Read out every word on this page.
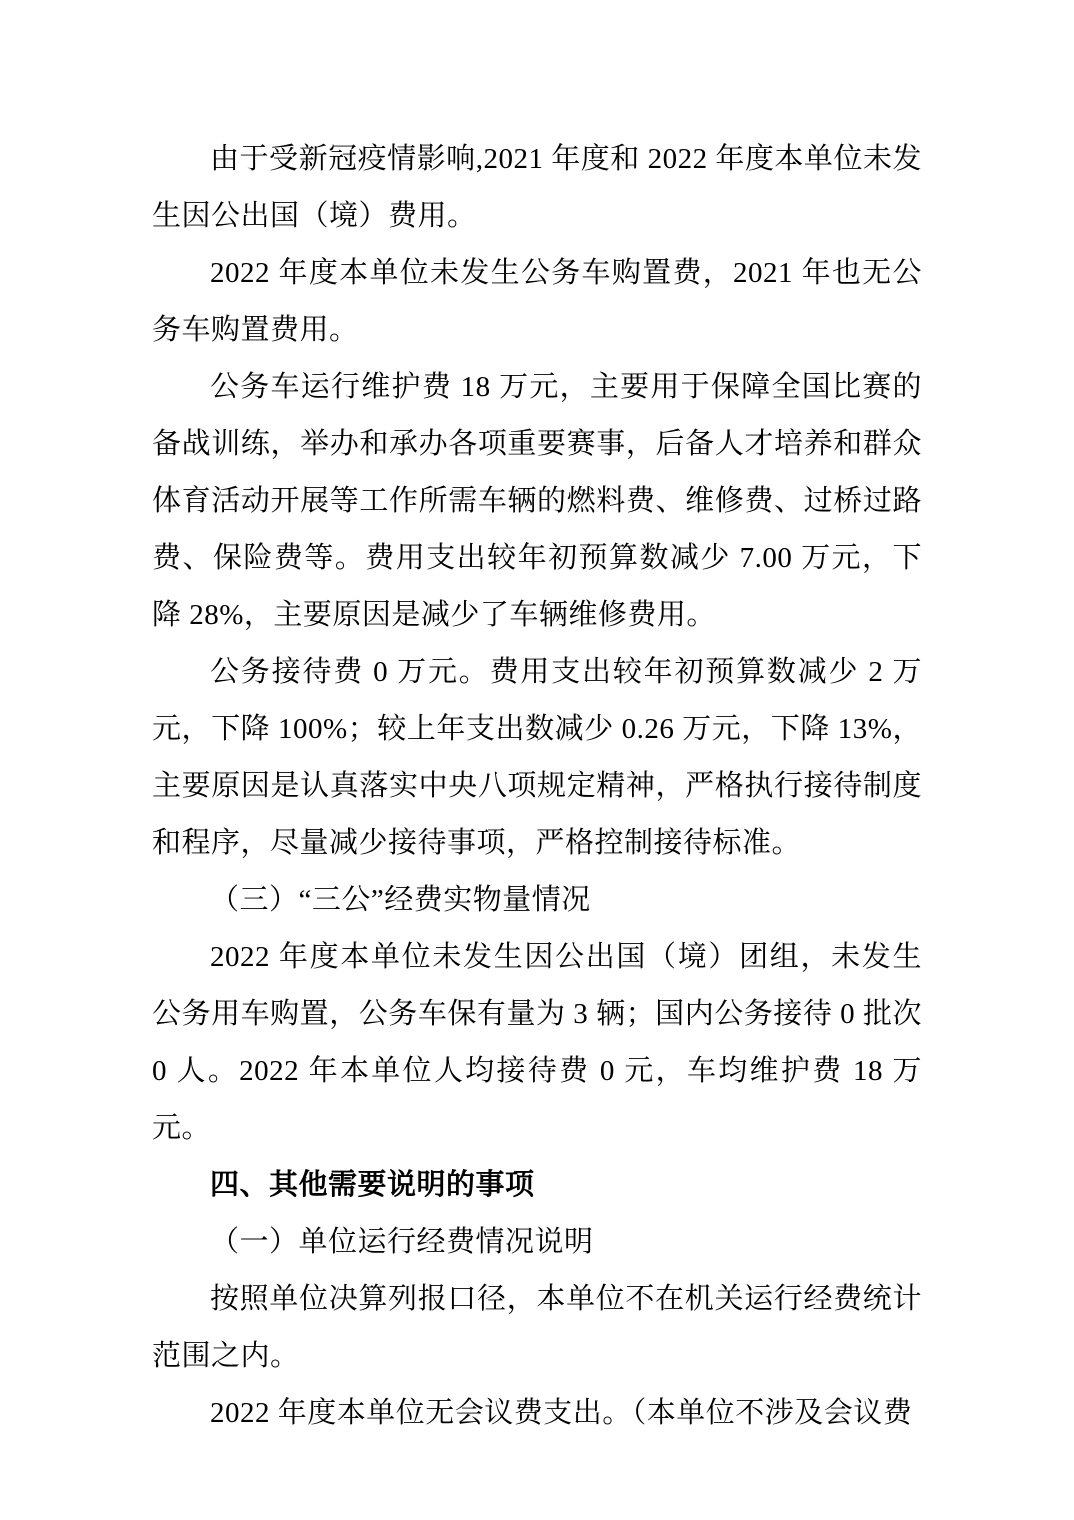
由于受新冠疫情影响,2021 年度和 2022 年度本单位未发生因公出国（境）费用。

2022 年度本单位未发生公务车购置费，2021 年也无公务车购置费用。

公务车运行维护费 18 万元，主要用于保障全国比赛的备战训练，举办和承办各项重要赛事，后备人才培养和群众体育活动开展等工作所需车辆的燃料费、维修费、过桥过路费、保险费等。费用支出较年初预算数减少 7.00 万元，下降 28%，主要原因是减少了车辆维修费用。

公务接待费 0 万元。费用支出较年初预算数减少 2 万元，下降 100%；较上年支出数减少 0.26 万元，下降 13%，主要原因是认真落实中央八项规定精神，严格执行接待制度和程序，尽量减少接待事项，严格控制接待标准。

（三）“三公”经费实物量情况

2022 年度本单位未发生因公出国（境）团组，未发生公务用车购置，公务车保有量为 3 辆；国内公务接待 0 批次 0 人。2022 年本单位人均接待费 0 元，车均维护费 18 万元。

四、其他需要说明的事项

（一）单位运行经费情况说明

按照单位决算列报口径，本单位不在机关运行经费统计范围之内。

2022 年度本单位无会议费支出。（本单位不涉及会议费
